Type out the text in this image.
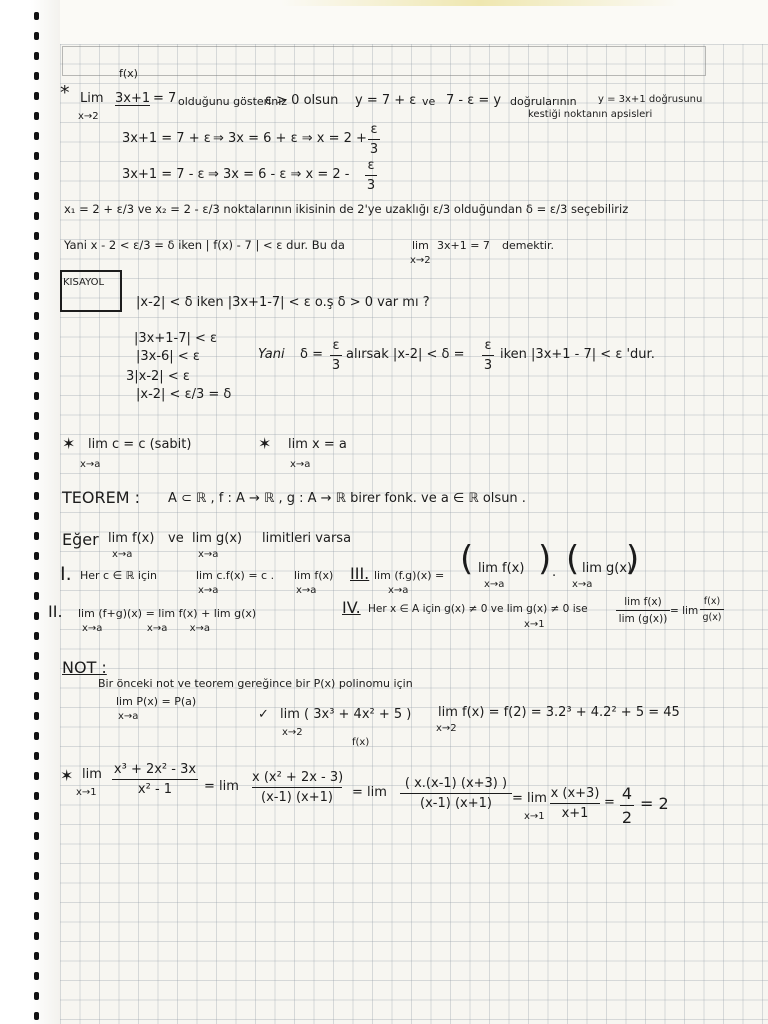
f(x)
* Lim 3x+1 = 7
x→2
olduğunu gösteriniz
ε > 0 olsun y = 7 + ε ve 7 - ε = y doğrularının y = 3x+1 doğrusunu
kestiği noktanın apsisleri
3x+1 = 7 + ε ⇒ 3x = 6 + ε ⇒ x = 2 +
ε
3
3x+1 = 7 - ε ⇒ 3x = 6 - ε ⇒ x = 2 -
ε
3
x₁ = 2 + ε/3 ve x₂ = 2 - ε/3 noktalarının ikisinin de 2'ye uzaklığı ε/3 olduğundan δ = ε/3 seçebiliriz
Yani x - 2 < ε/3 = δ iken | f(x) - 7 | < ε dur. Bu da	lim 3x+1 = 7
x→2
demektir.
KISAYOL
|x-2| < δ iken |3x+1-7| < ε o.ş δ > 0 var mı ?
|3x+1-7| < ε
|3x-6| < ε
3|x-2| < ε
|x-2| < ε/3 = δ
Yani δ =
ε
3
alırsak |x-2| < δ =
ε
3
iken |3x+1 - 7| < ε 'dur.
✶ lim c = c (sabit)
x→a
✶ lim x = a
x→a
TEOREM : A ⊂ ℝ , f : A → ℝ , g : A → ℝ birer fonk. ve a ∈ ℝ olsun .
Eğer lim f(x)
x→a
ve lim g(x)
x→a
limitleri varsa
I. Her c ∈ ℝ için	lim c.f(x) = c .
x→a
lim f(x)
x→a
III. lim (f.g)(x) =
x→a
( lim f(x)
x→a
) . ( lim g(x)
x→a
)
II. lim (f+g)(x) = lim f(x) + lim g(x)
x→a              x→a       x→a
IV. Her x ∈ A için g(x) ≠ 0 ve lim g(x) ≠ 0 ise
x→1
lim f(x)
lim (g(x))
= lim
f(x)
g(x)
NOT :
Bir önceki not ve teorem gereğince bir P(x) polinomu için
lim P(x) = P(a)
x→a	✓ lim ( 3x³ + 4x² + 5 )
x→2
f(x)
lim f(x) = f(2) = 3.2³ + 4.2² + 5 = 45
x→2
✶ lim
x→1
x³ + 2x² - 3x
x² - 1	= lim
x (x² + 2x - 3)
(x-1) (x+1)	= lim
( x.(x-1) (x+3) )
(x-1) (x+1)	= lim
x→1
x (x+3)
x+1
= 4
2
= 2
